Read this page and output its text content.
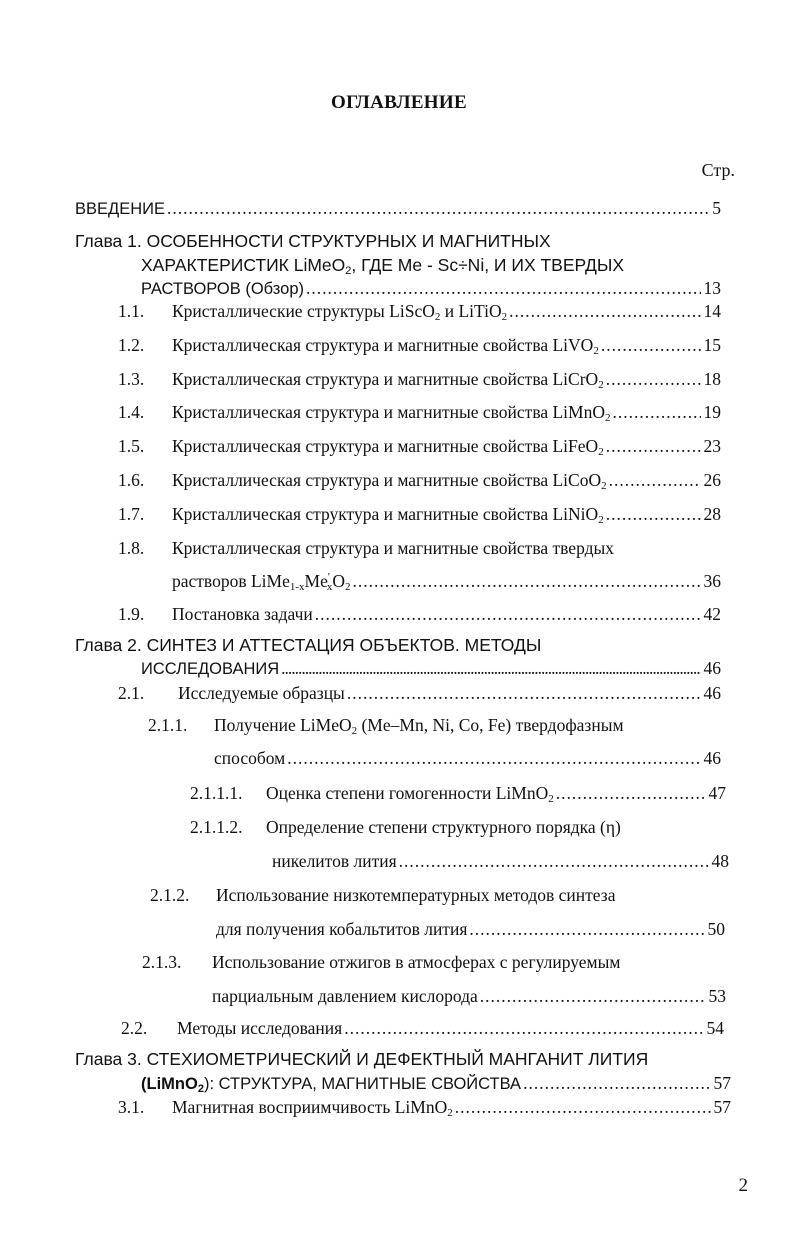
ОГЛАВЛЕНИЕ
Стр.
ВВЕДЕНИЕ .....	5
Глава 1. ОСОБЕННОСТИ СТРУКТУРНЫХ И МАГНИТНЫХ
ХАРАКТЕРИСТИК LiMeO$_2$, ГДЕ Me - Sc÷Ni, И ИХ ТВЕРДЫХ
РАСТВОРОВ (Обзор) .....	13
1.1.	Кристаллические структуры LiScO$_2$ и LiTiO$_2$ .....	14
1.2.	Кристаллическая структура и магнитные свойства LiVO$_2$ .....	15
1.3.	Кристаллическая структура и магнитные свойства LiCrO$_2$ .....	18
1.4.	Кристаллическая структура и магнитные свойства LiMnO$_2$ .....	19
1.5.	Кристаллическая структура и магнитные свойства LiFeO$_2$ .....	23
1.6.	Кристаллическая структура и магнитные свойства LiCoO$_2$ .....	26
1.7.	Кристаллическая структура и магнитные свойства LiNiO$_2$ .....	28
1.8. Кристаллическая структура и магнитные свойства твердых
растворов $LiMe_{1-x}Me'_xO_2$ .....	36
1.9.	Постановка задачи .....	42
Глава 2. СИНТЕЗ И АТТЕСТАЦИЯ ОБЪЕКТОВ. МЕТОДЫ
ИССЛЕДОВАНИЯ .....	46
2.1.	Исследуемые образцы .....	46
2.1.1. Получение LiMeO$_2$ (Me–Mn, Ni, Co, Fe) твердофазным
способом .....	46
2.1.1.1.	Оценка степени гомогенности LiMnO$_2$ .....	47
2.1.1.2. Определение степени структурного порядка (η)
никелитов лития .....	48
2.1.2. Использование низкотемпературных методов синтеза
для получения кобальтитов лития .....	50
2.1.3. Использование отжигов в атмосферах с регулируемым
парциальным давлением кислорода .....	53
2.2.	Методы исследования .....	54
Глава 3. СТЕХИОМЕТРИЧЕСКИЙ И ДЕФЕКТНЫЙ МАНГАНИТ ЛИТИЯ
(LiMnO$_2$): СТРУКТУРА, МАГНИТНЫЕ СВОЙСТВА .....	57
3.1.	Магнитная восприимчивость LiMnO$_2$ .....	57
2
